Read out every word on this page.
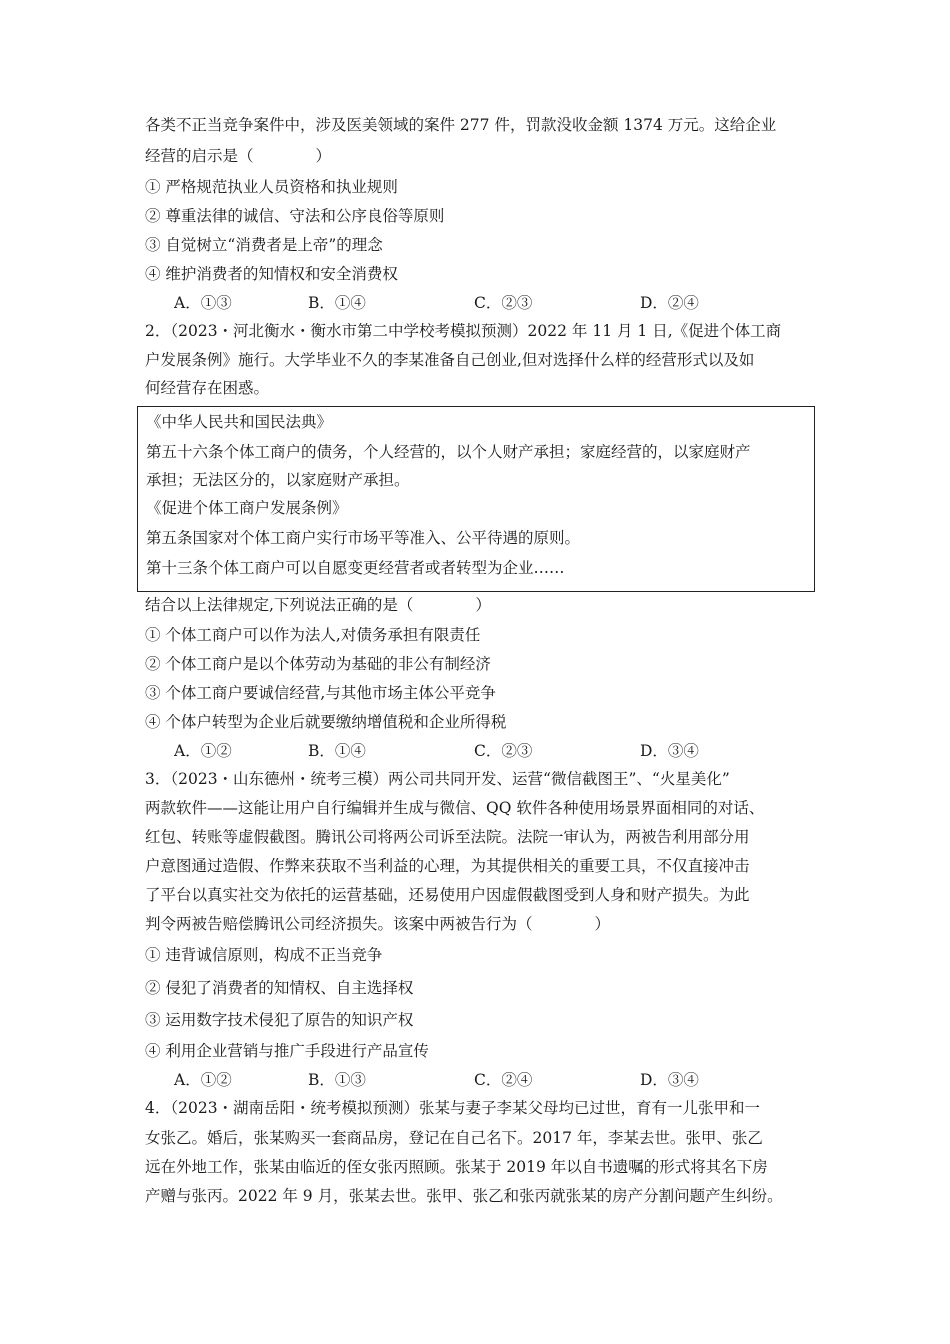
各类不正当竞争案件中，涉及医美领域的案件 277 件，罚款没收金额 1374 万元。这给企业
经营的启示是（　　　　）
① 严格规范执业人员资格和执业规则
② 尊重法律的诚信、守法和公序良俗等原则
③ 自觉树立“消费者是上帝”的理念
④ 维护消费者的知情权和安全消费权
A．①③	B．①④	C．②③	D．②④
2．（2023・河北衡水・衡水市第二中学校考模拟预测）2022 年 11 月 1 日,《促进个体工商
户发展条例》施行。大学毕业不久的李某准备自己创业,但对选择什么样的经营形式以及如
何经营存在困惑。
《中华人民共和国民法典》
第五十六条个体工商户的债务，个人经营的，以个人财产承担；家庭经营的，以家庭财产
承担；无法区分的，以家庭财产承担。
《促进个体工商户发展条例》
第五条国家对个体工商户实行市场平等准入、公平待遇的原则。
第十三条个体工商户可以自愿变更经营者或者转型为企业……
结合以上法律规定,下列说法正确的是（　　　　）
① 个体工商户可以作为法人,对债务承担有限责任
② 个体工商户是以个体劳动为基础的非公有制经济
③ 个体工商户要诚信经营,与其他市场主体公平竞争
④ 个体户转型为企业后就要缴纳增值税和企业所得税
A．①②	B．①④	C．②③	D．③④
3．（2023・山东德州・统考三模）两公司共同开发、运营“微信截图王”、“火星美化”
两款软件——这能让用户自行编辑并生成与微信、QQ 软件各种使用场景界面相同的对话、
红包、转账等虚假截图。腾讯公司将两公司诉至法院。法院一审认为，两被告利用部分用
户意图通过造假、作弊来获取不当利益的心理，为其提供相关的重要工具，不仅直接冲击
了平台以真实社交为依托的运营基础，还易使用户因虚假截图受到人身和财产损失。为此
判令两被告赔偿腾讯公司经济损失。该案中两被告行为（　　　　）
① 违背诚信原则，构成不正当竞争
② 侵犯了消费者的知情权、自主选择权
③ 运用数字技术侵犯了原告的知识产权
④ 利用企业营销与推广手段进行产品宣传
A．①②	B．①③	C．②④	D．③④
4．（2023・湖南岳阳・统考模拟预测）张某与妻子李某父母均已过世，育有一儿张甲和一
女张乙。婚后，张某购买一套商品房，登记在自己名下。2017 年，李某去世。张甲、张乙
远在外地工作，张某由临近的侄女张丙照顾。张某于 2019 年以自书遗嘱的形式将其名下房
产赠与张丙。2022 年 9 月，张某去世。张甲、张乙和张丙就张某的房产分割问题产生纠纷。
